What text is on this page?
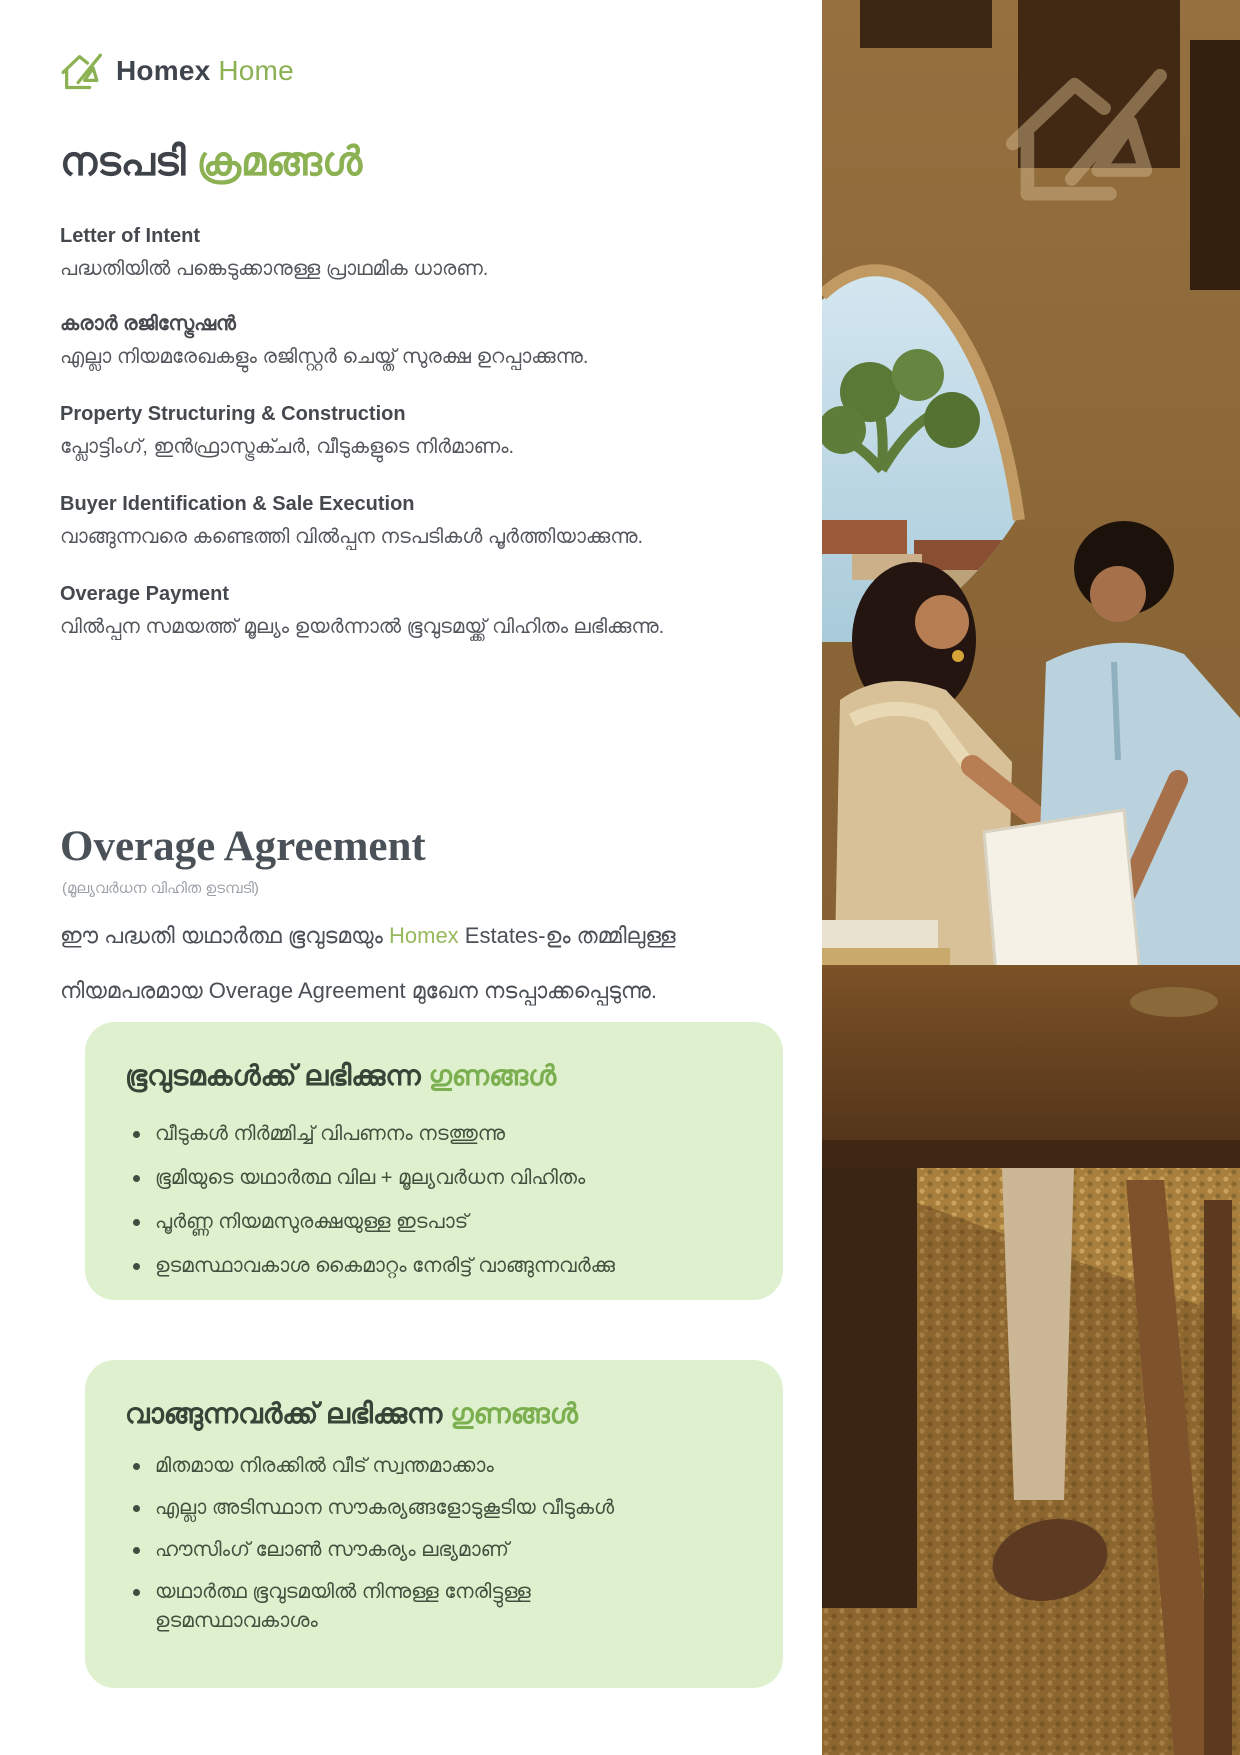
Homex Home
നടപടി ക്രമങ്ങൾ
Letter of Intent
പദ്ധതിയിൽ പങ്കെടുക്കാനുള്ള പ്രാഥമിക ധാരണ.
കരാർ രജിസ്ട്രേഷൻ
എല്ലാ നിയമരേഖകളും രജിസ്റ്റർ ചെയ്ത് സുരക്ഷ ഉറപ്പാക്കുന്നു.
Property Structuring & Construction
പ്ലോട്ടിംഗ്, ഇൻഫ്രാസ്ട്രക്ചർ, വീടുകളുടെ നിർമാണം.
Buyer Identification & Sale Execution
വാങ്ങുന്നവരെ കണ്ടെത്തി വിൽപ്പന നടപടികൾ പൂർത്തിയാക്കുന്നു.
Overage Payment
വിൽപ്പന സമയത്ത് മൂല്യം ഉയർന്നാൽ ഭൂവുടമയ്ക്ക് വിഹിതം ലഭിക്കുന്നു.
Overage Agreement
(മൂല്യവർധന വിഹിത ഉടമ്പടി)
ഈ പദ്ധതി യഥാർത്ഥ ഭൂവുടമയും Homex Estates-ഉം തമ്മിലുള്ള
നിയമപരമായ Overage Agreement മുഖേന നടപ്പാക്കപ്പെടുന്നു.
ഭൂവുടമകൾക്ക് ലഭിക്കുന്ന ഗുണങ്ങൾ
വീടുകൾ നിർമ്മിച്ച് വിപണനം നടത്തുന്നു
ഭൂമിയുടെ യഥാർത്ഥ വില + മൂല്യവർധന വിഹിതം
പൂർണ്ണ നിയമസുരക്ഷയുള്ള ഇടപാട്
ഉടമസ്ഥാവകാശ കൈമാറ്റം നേരിട്ട് വാങ്ങുന്നവർക്കു
വാങ്ങുന്നവർക്ക് ലഭിക്കുന്ന ഗുണങ്ങൾ
മിതമായ നിരക്കിൽ വീട് സ്വന്തമാക്കാം
എല്ലാ അടിസ്ഥാന സൗകര്യങ്ങളോടുകൂടിയ വീടുകൾ
ഹൗസിംഗ് ലോൺ സൗകര്യം ലഭ്യമാണ്
യഥാർത്ഥ ഭൂവുടമയിൽ നിന്നുള്ള നേരിട്ടുള്ള ഉടമസ്ഥാവകാശം
